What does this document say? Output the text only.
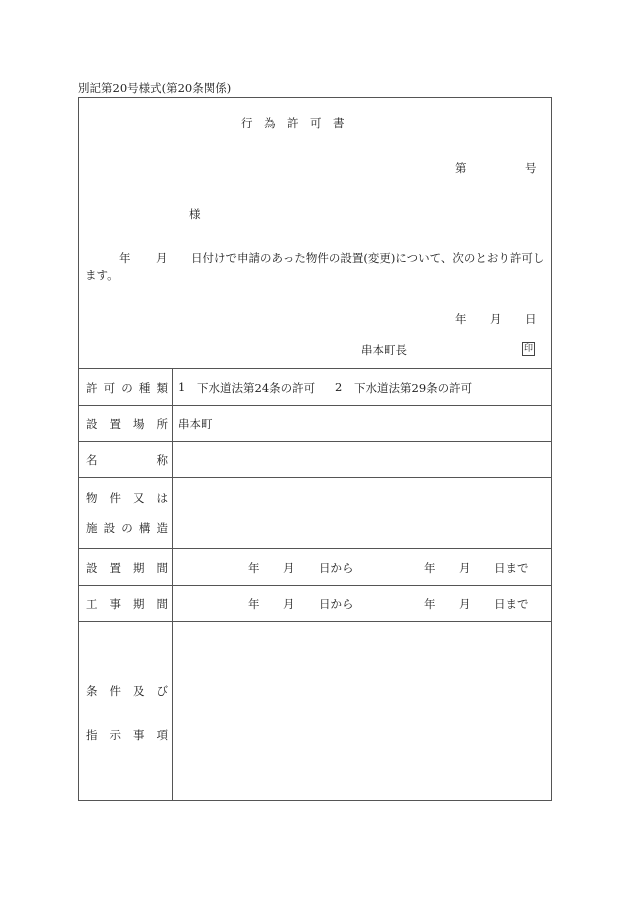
別記第20号様式(第20条関係)
行　為　許　可　書
第	号
様
年 月 日付けで申請のあった物件の設置(変更)について、次のとおり許可し
ます。
年 月 日
串本町長	印
許 可 の 種 類 1 下水道法第24条の許可 2 下水道法第29条の許可
設 置 場 所 串本町
名	称
物 件 又 は
施 設 の 構 造
設 置 期 間	年 月 日から	年 月 日まで
工 事 期 間	年 月 日から	年 月 日まで
条 件 及 び
指 示 事 項
